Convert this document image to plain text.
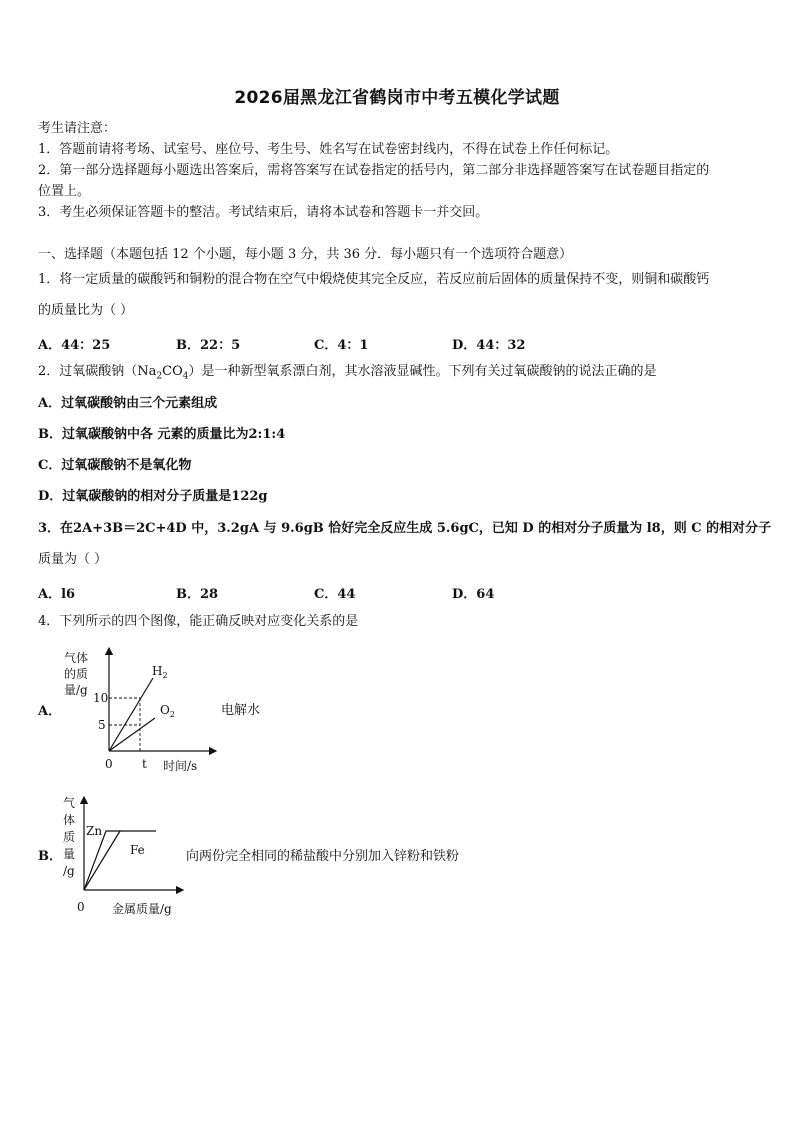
2026届黑龙江省鹤岗市中考五模化学试题
考生请注意：
1．答题前请将考场、试室号、座位号、考生号、姓名写在试卷密封线内，不得在试卷上作任何标记。
2．第一部分选择题每小题选出答案后，需将答案写在试卷指定的括号内，第二部分非选择题答案写在试卷题目指定的
位置上。
3．考生必须保证答题卡的整洁。考试结束后，请将本试卷和答题卡一并交回。
一、选择题（本题包括 12 个小题，每小题 3 分，共 36 分．每小题只有一个选项符合题意）
1．将一定质量的碳酸钙和铜粉的混合物在空气中煅烧使其完全反应，若反应前后固体的质量保持不变，则铜和碳酸钙
的质量比为（ ）
A．44：25	B．22：5	C．4：1	D．44：32
2．过氧碳酸钠$(Na_2CO_4)$是一种新型氧系漂白剂，其水溶液显碱性。下列有关过氧碳酸钠的说法正确的是
A．过氧碳酸钠由三个元素组成
B．过氧碳酸钠中各 元素的质量比为2:1:4
C．过氧碳酸钠不是氧化物
D．过氧碳酸钠的相对分子质量是122g
3．在2A+3B＝2C+4D 中，3.2gA 与 9.6gB 恰好完全反应生成 5.6gC，已知 D 的相对分子质量为 l8，则 C 的相对分子
质量为（ ）
A．l6	B．28	C．44	D．64
4．下列所示的四个图像，能正确反映对应变化关系的是
A．
气体
的质
量/g
10
5
0 t 时间/s
$H_2$
$O_2$	电解水
B．
气
体
质
量
/g
Zn
Fe
0 金属质量/g
向两份完全相同的稀盐酸中分别加入锌粉和铁粉
